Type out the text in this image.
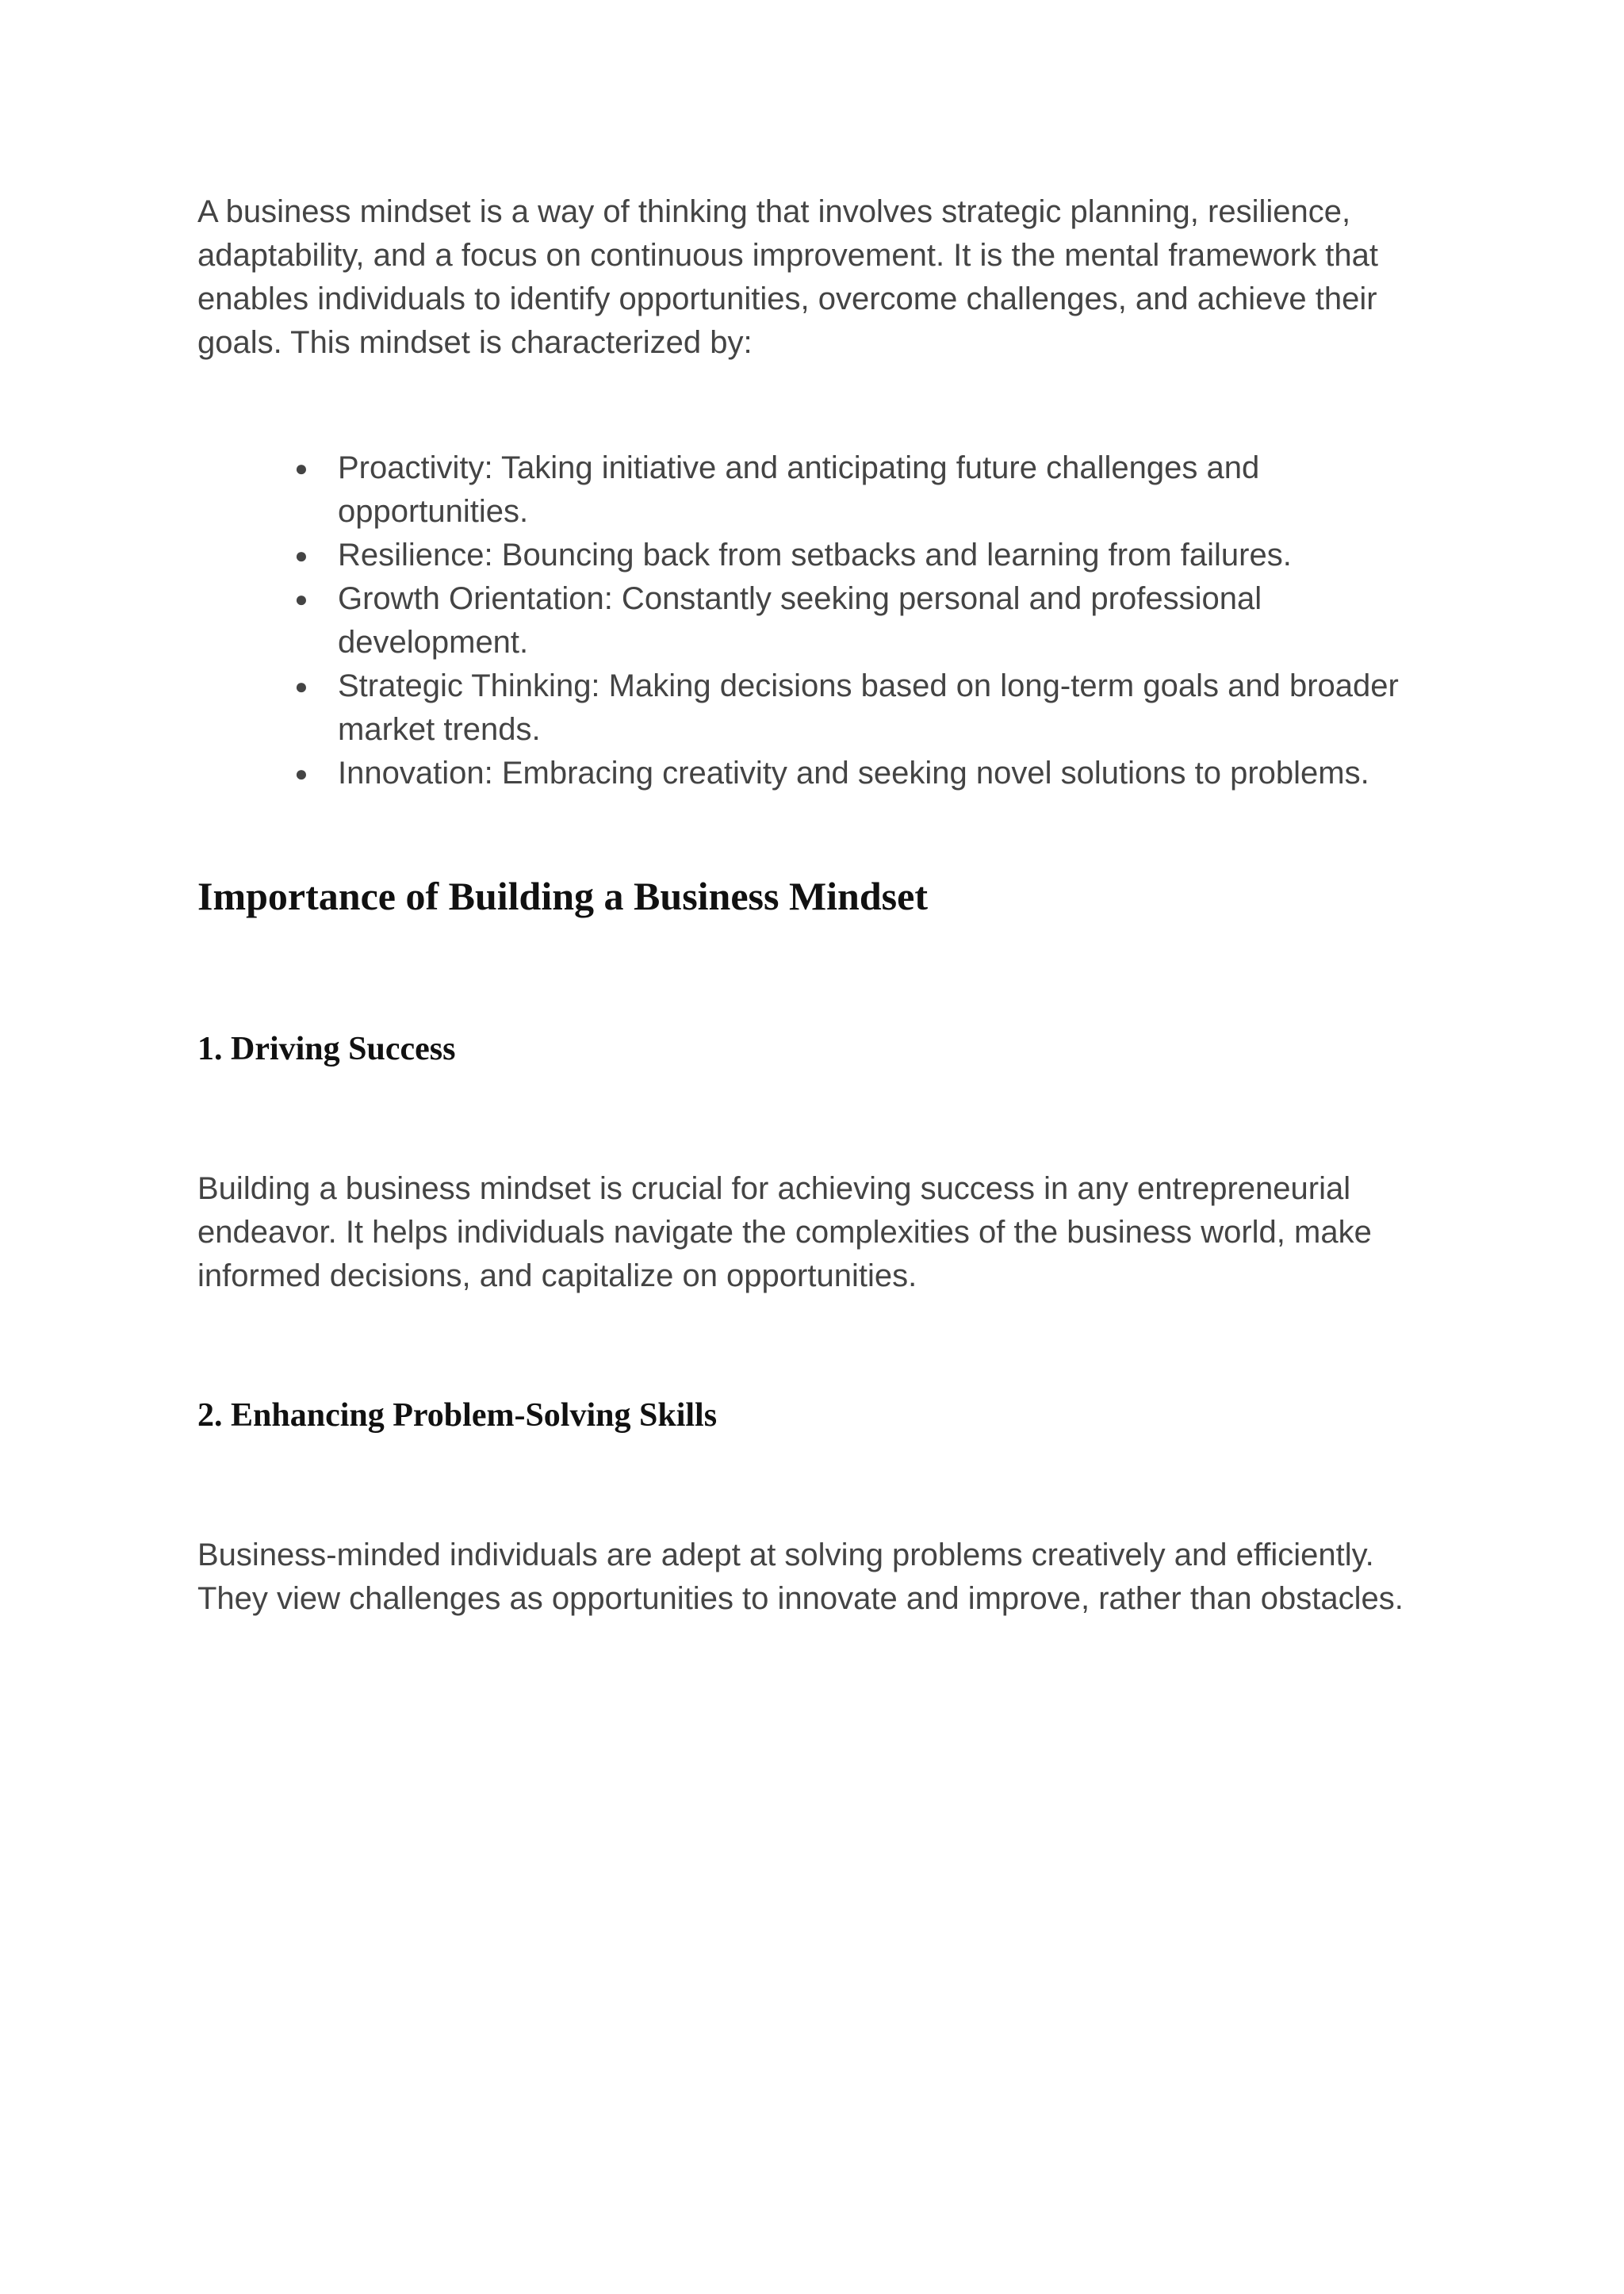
A business mindset is a way of thinking that involves strategic planning, resilience, adaptability, and a focus on continuous improvement. It is the mental framework that enables individuals to identify opportunities, overcome challenges, and achieve their goals. This mindset is characterized by:

● Proactivity: Taking initiative and anticipating future challenges and opportunities.
● Resilience: Bouncing back from setbacks and learning from failures.
● Growth Orientation: Constantly seeking personal and professional development.
● Strategic Thinking: Making decisions based on long-term goals and broader market trends.
● Innovation: Embracing creativity and seeking novel solutions to problems.
Importance of Building a Business Mindset
1. Driving Success

Building a business mindset is crucial for achieving success in any entrepreneurial endeavor. It helps individuals navigate the complexities of the business world, make informed decisions, and capitalize on opportunities.

2. Enhancing Problem-Solving Skills

Business-minded individuals are adept at solving problems creatively and efficiently. They view challenges as opportunities to innovate and improve, rather than obstacles.
